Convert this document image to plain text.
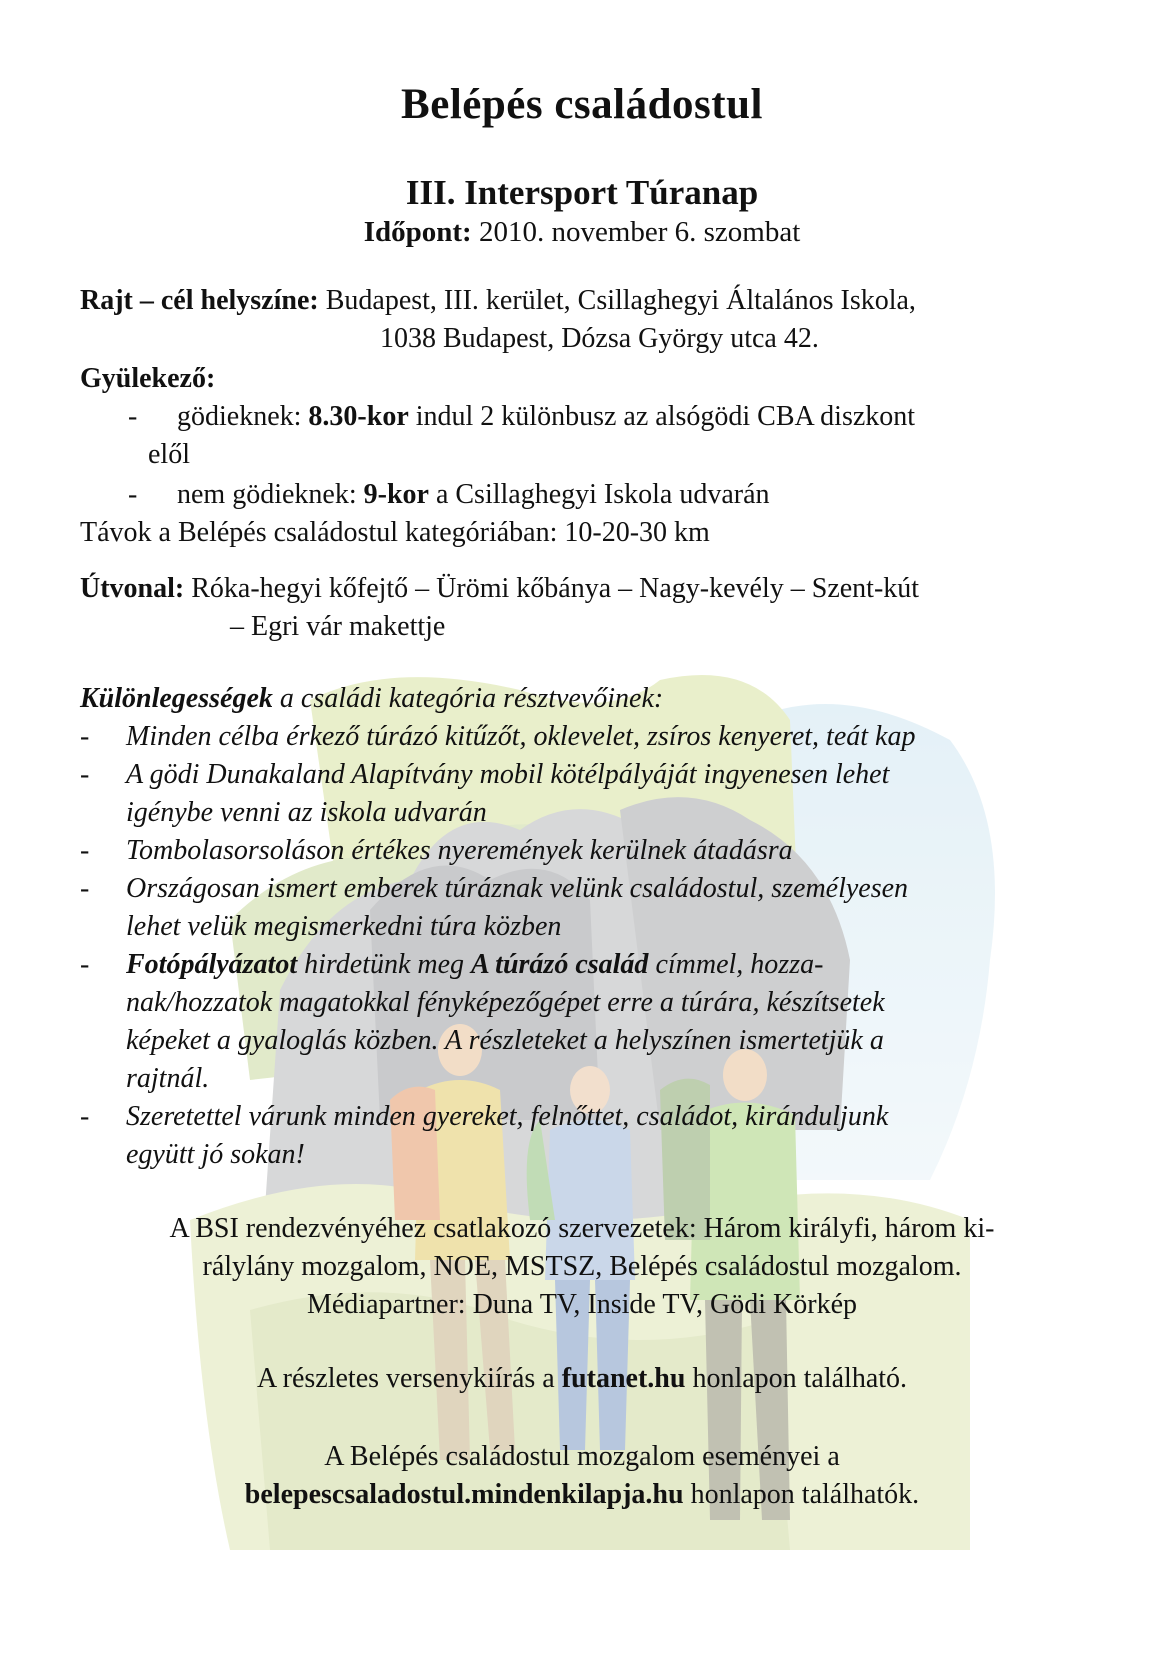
Belépés családostul
III. Intersport Túranap
Időpont: 2010. november 6. szombat
Rajt – cél helyszíne: Budapest, III. kerület, Csillaghegyi Általános Iskola,
1038 Budapest, Dózsa György utca 42.
Gyülekező:
- gödieknek: 8.30-kor indul 2 különbusz az alsógödi CBA diszkont
elől
- nem gödieknek: 9-kor a Csillaghegyi Iskola udvarán
Távok a Belépés családostul kategóriában: 10-20-30 km
Útvonal: Róka-hegyi kőfejtő – Ürömi kőbánya – Nagy-kevély – Szent-kút
– Egri vár makettje
Különlegességek a családi kategória résztvevőinek:
- Minden célba érkező túrázó kitűzőt, oklevelet, zsíros kenyeret, teát kap
- A gödi Dunakaland Alapítvány mobil kötélpályáját ingyenesen lehet
igénybe venni az iskola udvarán
- Tombolasorsoláson értékes nyeremények kerülnek átadásra
- Országosan ismert emberek túráznak velünk családostul, személyesen
lehet velük megismerkedni túra közben
- Fotópályázatot hirdetünk meg A túrázó család címmel, hozza-
nak/hozzatok magatokkal fényképezőgépet erre a túrára, készítsetek
képeket a gyaloglás közben. A részleteket a helyszínen ismertetjük a
rajtnál.
- Szeretettel várunk minden gyereket, felnőttet, családot, kiránduljunk
együtt jó sokan!
A BSI rendezvényéhez csatlakozó szervezetek: Három királyfi, három ki-
rálylány mozgalom, NOE, MSTSZ, Belépés családostul mozgalom.
Médiapartner: Duna TV, Inside TV, Gödi Körkép
A részletes versenykiírás a futanet.hu honlapon található.
A Belépés családostul mozgalom eseményei a
belepescsaladostul.mindenkilapja.hu honlapon találhatók.
